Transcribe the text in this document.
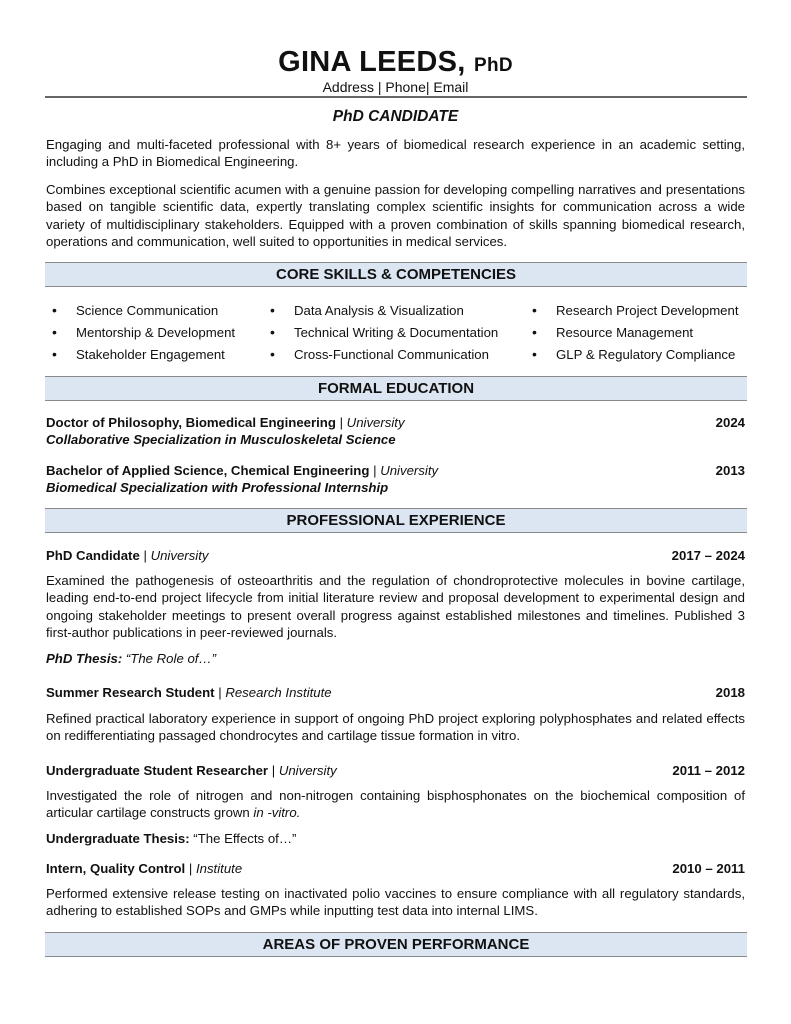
GINA LEEDS, PhD
Address | Phone| Email
PhD CANDIDATE

Engaging and multi-faceted professional with 8+ years of biomedical research experience in an academic setting, including a PhD in Biomedical Engineering.

Combines exceptional scientific acumen with a genuine passion for developing compelling narratives and presentations based on tangible scientific data, expertly translating complex scientific insights for communication across a wide variety of multidisciplinary stakeholders. Equipped with a proven combination of skills spanning biomedical research, operations and communication, well suited to opportunities in medical services.

CORE SKILLS & COMPETENCIES
• Science Communication
• Mentorship & Development
• Stakeholder Engagement
• Data Analysis & Visualization
• Technical Writing & Documentation
• Cross-Functional Communication
• Research Project Development
• Resource Management
• GLP & Regulatory Compliance
FORMAL EDUCATION
Doctor of Philosophy, Biomedical Engineering | University	2024
Collaborative Specialization in Musculoskeletal Science
Bachelor of Applied Science, Chemical Engineering | University	2013
Biomedical Specialization with Professional Internship
PROFESSIONAL EXPERIENCE
PhD Candidate | University	2017 – 2024

Examined the pathogenesis of osteoarthritis and the regulation of chondroprotective molecules in bovine cartilage, leading end-to-end project lifecycle from initial literature review and proposal development to experimental design and ongoing stakeholder meetings to present overall progress against established milestones and timelines. Published 3 first-author publications in peer-reviewed journals.

PhD Thesis: “The Role of…”
Summer Research Student | Research Institute	2018

Refined practical laboratory experience in support of ongoing PhD project exploring polyphosphates and related effects on redifferentiating passaged chondrocytes and cartilage tissue formation in vitro.

Undergraduate Student Researcher | University	2011 – 2012

Investigated the role of nitrogen and non-nitrogen containing bisphosphonates on the biochemical composition of articular cartilage constructs grown in -vitro.

Undergraduate Thesis: “The Effects of…”
Intern, Quality Control | Institute	2010 – 2011

Performed extensive release testing on inactivated polio vaccines to ensure compliance with all regulatory standards, adhering to established SOPs and GMPs while inputting test data into internal LIMS.

AREAS OF PROVEN PERFORMANCE
